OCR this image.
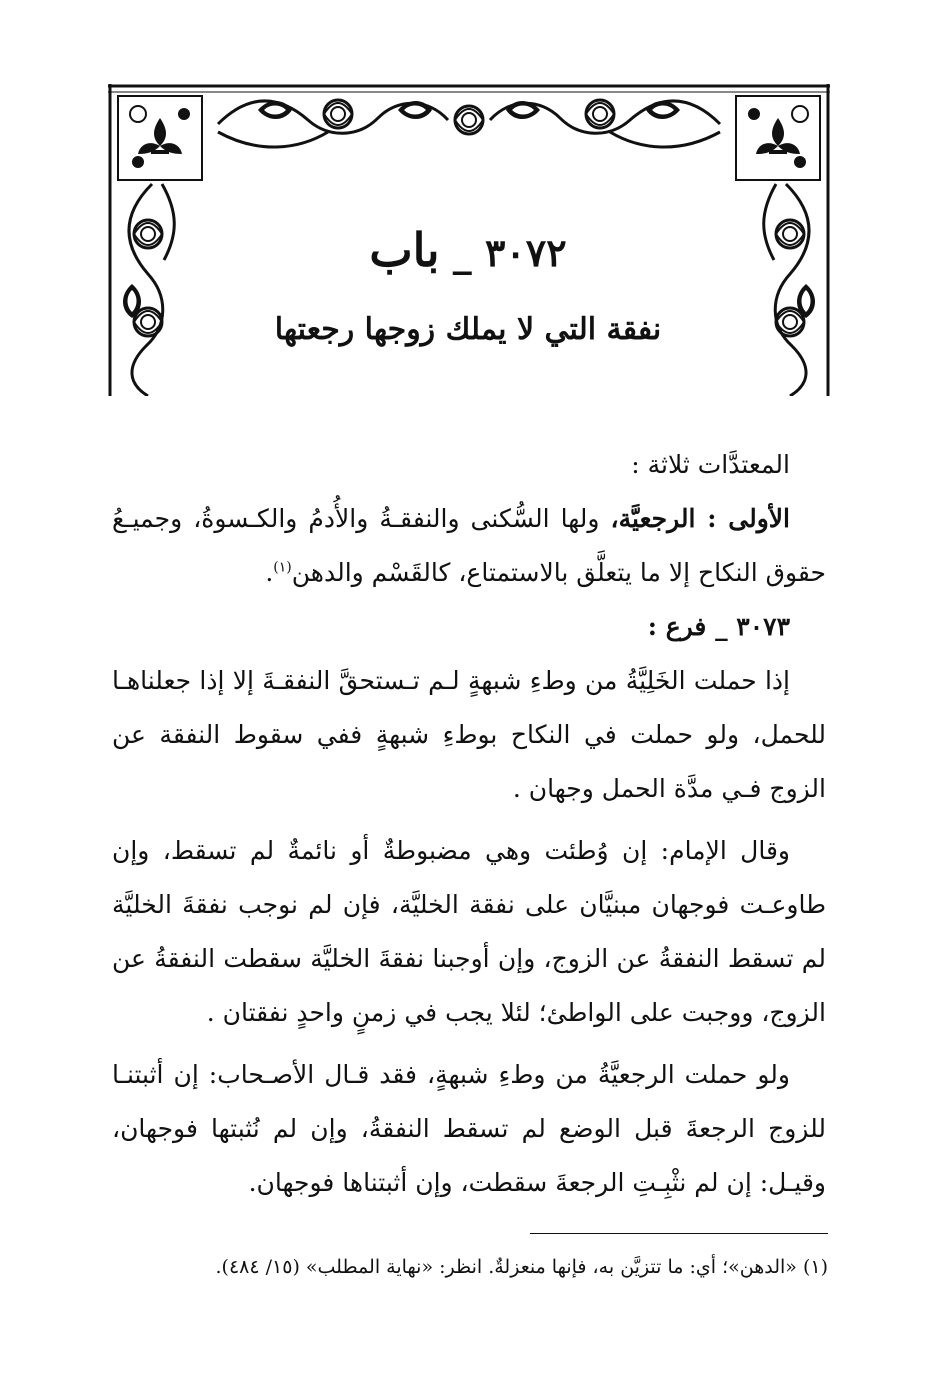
٣٠٧٢ _ باب
نفقة التي لا يملك زوجها رجعتها

المعتدَّات ثلاثة :

الأولى : الرجعيَّة، ولها السُّكنى والنفقـةُ والأُدمُ والكـسوةُ، وجميـعُ حقوق النكاح إلا ما يتعلَّق بالاستمتاع، كالقَسْم والدهن$^{(١)}$.

٣٠٧٣ _ فرع :

إذا حملت الخَلِيَّةُ من وطءِ شبهةٍ لـم تـستحقَّ النفقـةَ إلا إذا جعلناهـا للحمل، ولو حملت في النكاح بوطءِ شبهةٍ ففي سقوط النفقة عن الزوج فـي مدَّة الحمل وجهان .

وقال الإمام: إن وُطئت وهي مضبوطةٌ أو نائمةٌ لم تسقط، وإن طاوعـت فوجهان مبنيَّان على نفقة الخليَّة، فإن لم نوجب نفقةَ الخليَّة لم تسقط النفقةُ عن الزوج، وإن أوجبنا نفقةَ الخليَّة سقطت النفقةُ عن الزوج، ووجبت على الواطئ؛ لئلا يجب في زمنٍ واحدٍ نفقتان .

ولو حملت الرجعيَّةُ من وطءِ شبهةٍ، فقد قـال الأصـحاب: إن أثبتنـا للزوج الرجعةَ قبل الوضع لم تسقط النفقةُ، وإن لم نُثبتها فوجهان، وقيـل: إن لم نثْبِـتِ الرجعةَ سقطت، وإن أثبتناها فوجهان.

(١) «الدهن»؛ أي: ما تتزيَّن به، فإنها منعزلةٌ. انظر: «نهاية المطلب» (١٥/ ٤٨٤).
